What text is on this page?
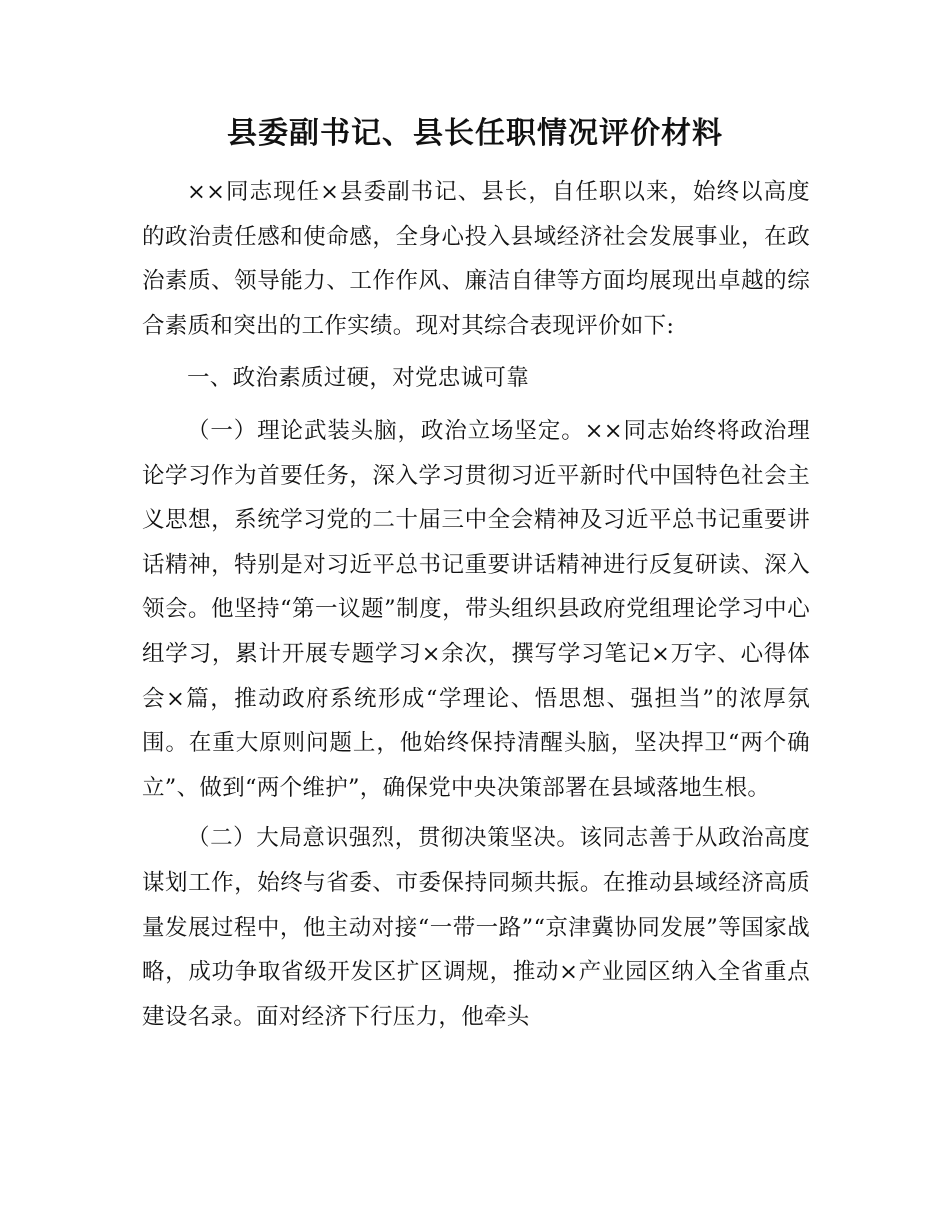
县委副书记、县长任职情况评价材料

××同志现任×县委副书记、县长，自任职以来，始终以高度的政治责任感和使命感，全身心投入县域经济社会发展事业，在政治素质、领导能力、工作作风、廉洁自律等方面均展现出卓越的综合素质和突出的工作实绩。现对其综合表现评价如下:

一、政治素质过硬，对党忠诚可靠

（一）理论武装头脑，政治立场坚定。××同志始终将政治理论学习作为首要任务，深入学习贯彻习近平新时代中国特色社会主义思想，系统学习党的二十届三中全会精神及习近平总书记重要讲话精神，特别是对习近平总书记重要讲话精神进行反复研读、深入领会。他坚持“第一议题”制度，带头组织县政府党组理论学习中心组学习，累计开展专题学习×余次，撰写学习笔记×万字、心得体会×篇，推动政府系统形成“学理论、悟思想、强担当”的浓厚氛围。在重大原则问题上，他始终保持清醒头脑，坚决捍卫“两个确立”、做到“两个维护”，确保党中央决策部署在县域落地生根。

（二）大局意识强烈，贯彻决策坚决。该同志善于从政治高度谋划工作，始终与省委、市委保持同频共振。在推动县域经济高质量发展过程中，他主动对接“一带一路”“京津冀协同发展”等国家战略，成功争取省级开发区扩区调规，推动×产业园区纳入全省重点建设名录。面对经济下行压力，他牵头
